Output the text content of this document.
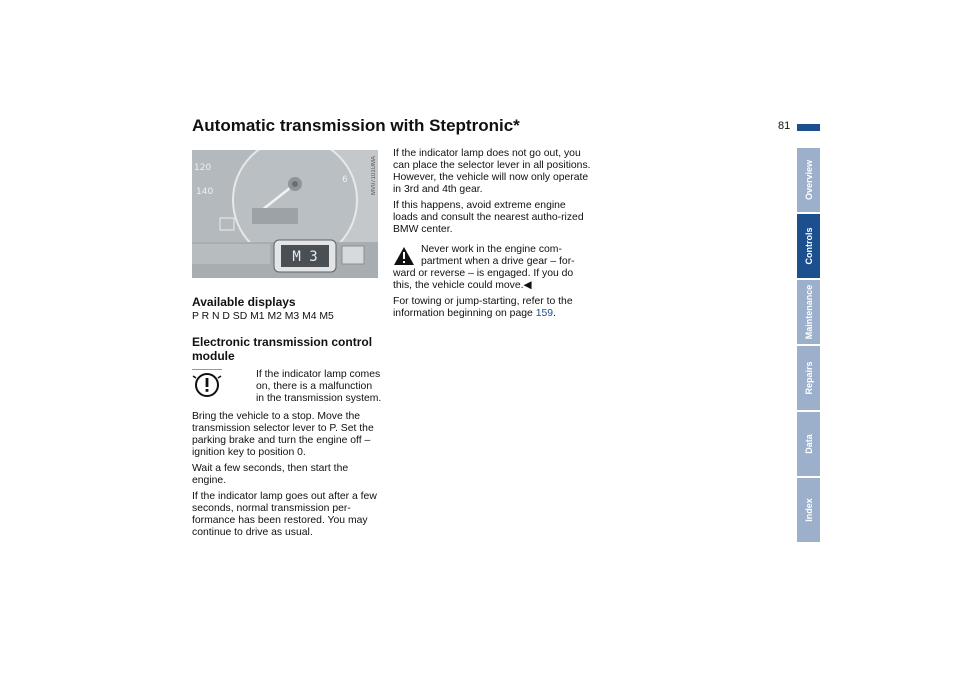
Automatic transmission with Steptronic*	81
Overview
Controls
Maintenance
Repairs
Data
Index
120
140
6
M 3
MV07101UMA
Available displays

P R N D SD M1 M2 M3 M4 M5

Electronic transmission control
module

If the indicator lamp comes on, there is a malfunction in the transmission system.

Bring the vehicle to a stop. Move the transmission selector lever to P. Set the parking brake and turn the engine off – ignition key to position 0.

Wait a few seconds, then start the engine.

If the indicator lamp goes out after a few seconds, normal transmission per-formance has been restored. You may continue to drive as usual.

If the indicator lamp does not go out, you can place the selector lever in all positions. However, the vehicle will now only operate in 3rd and 4th gear.

If this happens, avoid extreme engine loads and consult the nearest autho-rized BMW center.

Never work in the engine com-partment when a drive gear – for-ward or reverse – is engaged. If you do this, the vehicle could move.◀

For towing or jump-starting, refer to the information beginning on page 159.
